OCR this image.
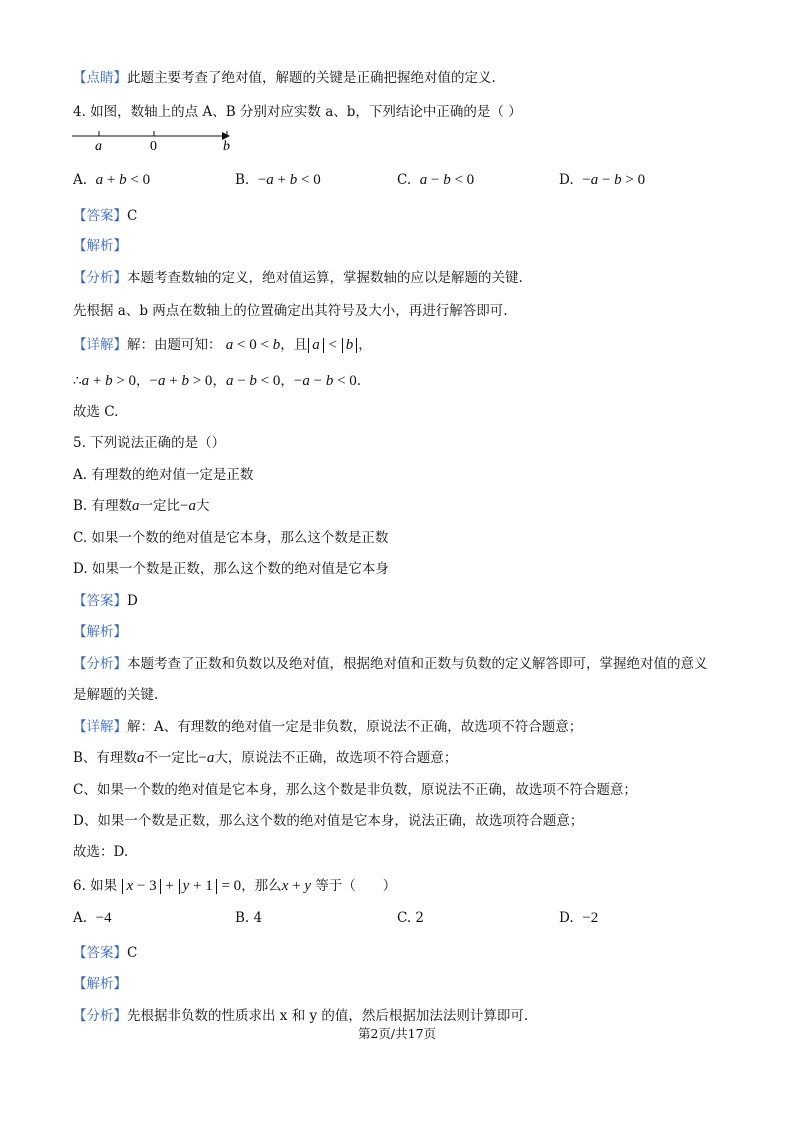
【点睛】此题主要考查了绝对值，解题的关键是正确把握绝对值的定义.
4. 如图，数轴上的点 A、B 分别对应实数 a、b，下列结论中正确的是（ ）
a	0	b
A. a + b < 0	B. −a + b < 0	C. a − b < 0	D. −a − b > 0
【答案】C
【解析】
【分析】本题考查数轴的定义，绝对值运算，掌握数轴的应以是解题的关键.
先根据 a、b 两点在数轴上的位置确定出其符号及大小，再进行解答即可.
【详解】解：由题可知： a < 0 < b，且 a < b ，
∴a + b > 0，−a + b > 0，a − b < 0，−a − b < 0.
故选 C.
5. 下列说法正确的是（）
A. 有理数的绝对值一定是正数
B. 有理数a一定比−a大
C. 如果一个数的绝对值是它本身，那么这个数是正数
D. 如果一个数是正数，那么这个数的绝对值是它本身
【答案】D
【解析】
【分析】本题考查了正数和负数以及绝对值，根据绝对值和正数与负数的定义解答即可，掌握绝对值的意义
是解题的关键.
【详解】解：A、有理数的绝对值一定是非负数，原说法不正确，故选项不符合题意；
B、有理数a不一定比−a大，原说法不正确，故选项不符合题意；
C、如果一个数的绝对值是它本身，那么这个数是非负数，原说法不正确，故选项不符合题意；
D、如果一个数是正数，那么这个数的绝对值是它本身，说法正确，故选项符合题意；
故选：D.
6. 如果 x − 3 + y + 1 = 0，那么x + y 等于（　　）
A. −4	B. 4	C. 2	D. −2
【答案】C
【解析】
【分析】先根据非负数的性质求出 x 和 y 的值，然后根据加法法则计算即可.
第2页/共17页
